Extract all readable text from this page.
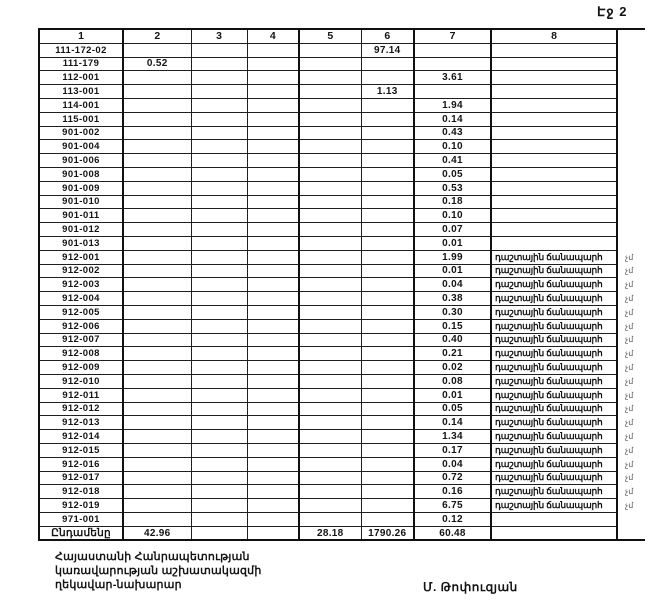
Էջ 2
1	2	3	4	5	6	7	8	
111-172-02					97.14			
111-179	0.52							
112-001						3.61		
113-001					1.13			
114-001						1.94		
115-001						0.14		
901-002						0.43		
901-004						0.10		
901-006						0.41		
901-008						0.05		
901-009						0.53		
901-010						0.18		
901-011						0.10		
901-012						0.07		
901-013						0.01		
912-001						1.99	դաշտային ճանապարհ	չմ
912-002						0.01	դաշտային ճանապարհ	չմ
912-003						0.04	դաշտային ճանապարհ	չմ
912-004						0.38	դաշտային ճանապարհ	չմ
912-005						0.30	դաշտային ճանապարհ	չմ
912-006						0.15	դաշտային ճանապարհ	չմ
912-007						0.40	դաշտային ճանապարհ	չմ
912-008						0.21	դաշտային ճանապարհ	չմ
912-009						0.02	դաշտային ճանապարհ	չմ
912-010						0.08	դաշտային ճանապարհ	չմ
912-011						0.01	դաշտային ճանապարհ	չմ
912-012						0.05	դաշտային ճանապարհ	չմ
912-013						0.14	դաշտային ճանապարհ	չմ
912-014						1.34	դաշտային ճանապարհ	չմ
912-015						0.17	դաշտային ճանապարհ	չմ
912-016						0.04	դաշտային ճանապարհ	չմ
912-017						0.72	դաշտային ճանապարհ	չմ
912-018						0.16	դաշտային ճանապարհ	չմ
912-019						6.75	դաշտային ճանապարհ	չմ
971-001						0.12		
Ընդամենը	42.96			28.18	1790.26	60.48		
Հայաստանի Հանրապետության
կառավարության աշխատակազմի
ղեկավար-նախարար	Մ. Թոփուզյան
